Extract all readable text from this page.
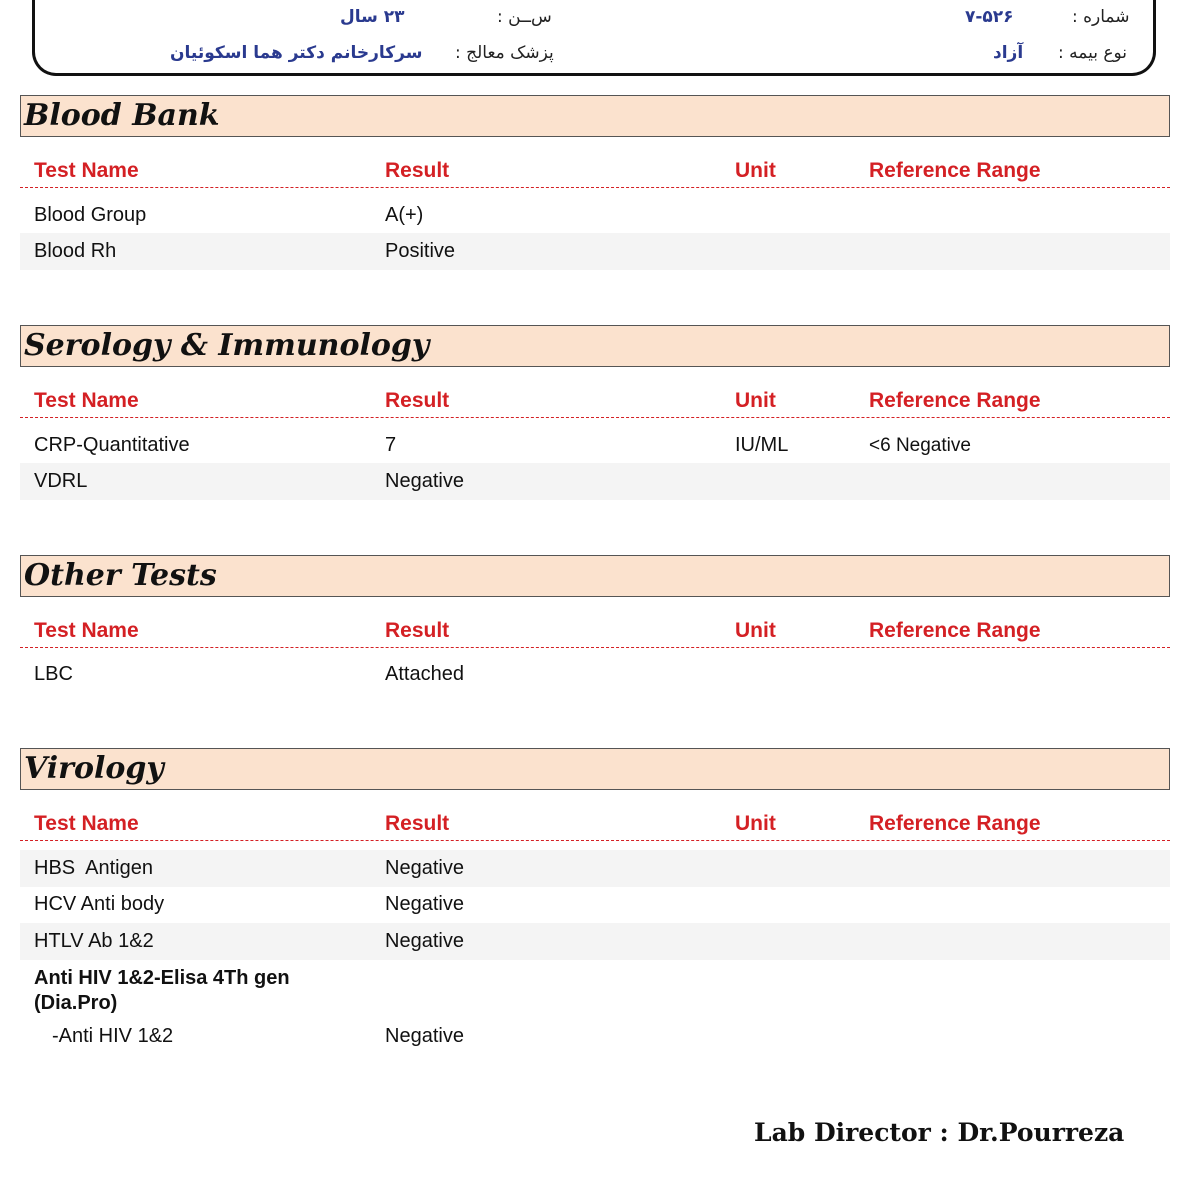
س‌ــن :
۲۳ سال	شماره :
۷-۵۲۶
پزشک معالج :
سرکارخانم دکتر هما اسکوئیان	نوع بیمه :
آزاد
Blood Bank
Test Name	Result	Unit	Reference Range
Blood Group	A(+)
Blood Rh	Positive
Serology & Immunology
Test Name	Result	Unit	Reference Range
CRP-Quantitative	7	IU/ML	<6 Negative
VDRL	Negative
Other Tests
Test Name	Result	Unit	Reference Range
LBC	Attached
Virology
Test Name	Result	Unit	Reference Range
HBS  Antigen	Negative
HCV Anti body	Negative
HTLV Ab 1&2	Negative
Anti HIV 1&2-Elisa 4Th gen (Dia.Pro)
-Anti HIV 1&2	Negative
Lab Director : Dr.Pourreza
